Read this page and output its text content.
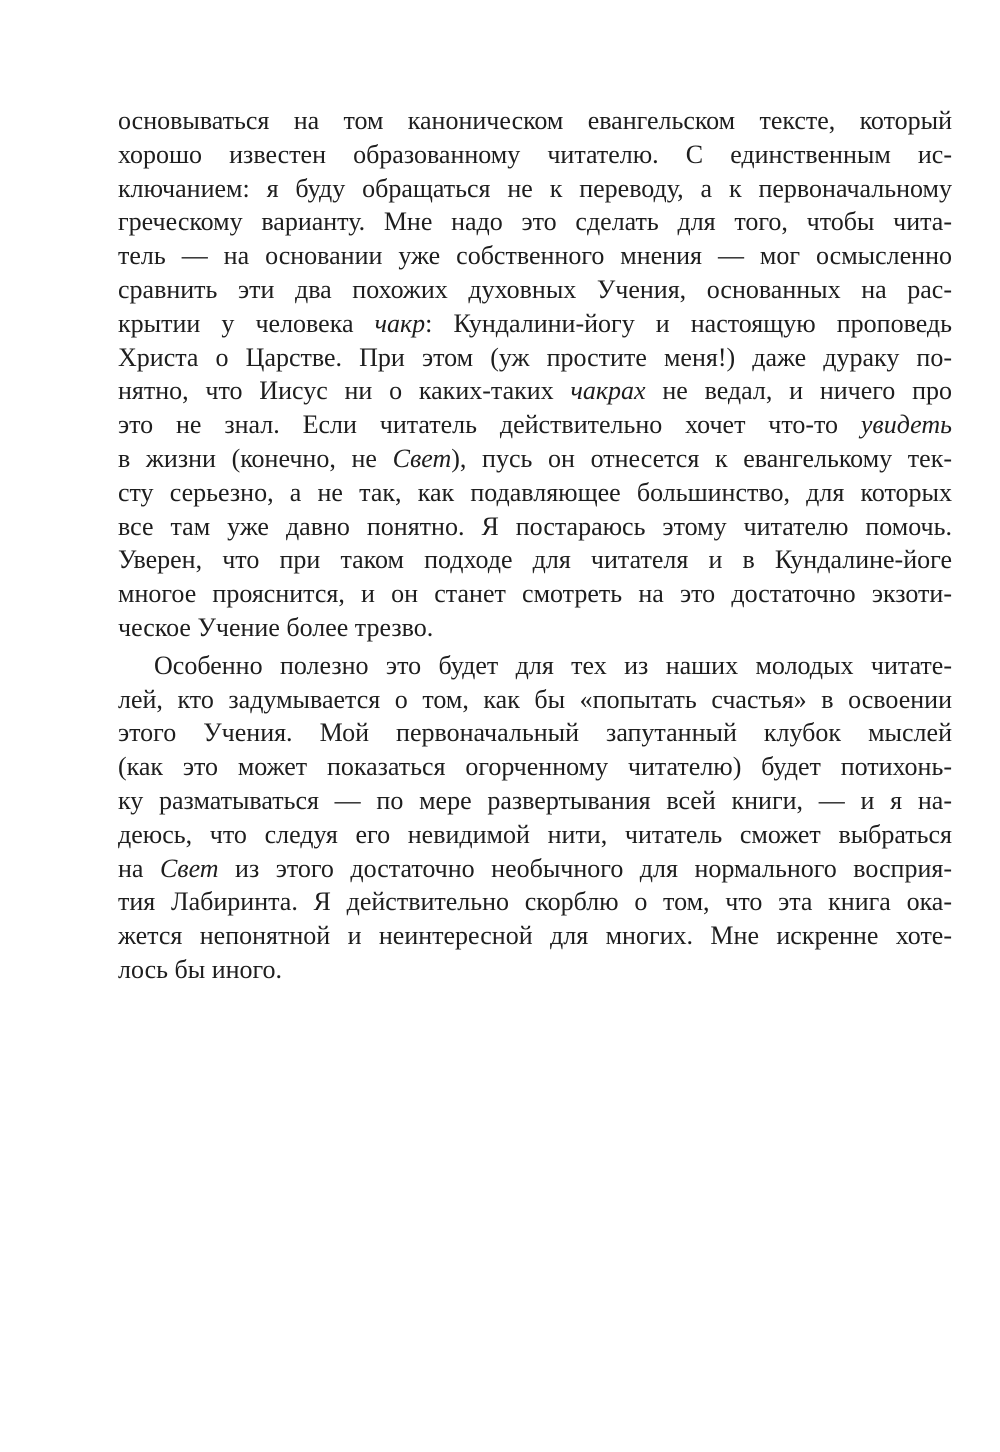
основываться на том каноническом евангельском тексте, который
хорошо известен образованному читателю. С единственным ис-
ключанием: я буду обращаться не к переводу, а к первоначальному
греческому варианту. Мне надо это сделать для того, чтобы чита-
тель — на основании уже собственного мнения — мог осмысленно
сравнить эти два похожих духовных Учения, основанных на рас-
крытии у человека чакр: Кундалини-йогу и настоящую проповедь
Христа о Царстве. При этом (уж простите меня!) даже дураку по-
нятно, что Иисус ни о каких-таких чакрах не ведал, и ничего про
это не знал. Если читатель действительно хочет что-то увидеть
в жизни (конечно, не Свет), пусь он отнесется к евангелькому тек-
сту серьезно, а не так, как подавляющее большинство, для которых
все там уже давно понятно. Я постараюсь этому читателю помочь.
Уверен, что при таком подходе для читателя и в Кундалине-йоге
многое прояснится, и он станет смотреть на это достаточно экзоти-
ческое Учение более трезво.
Особенно полезно это будет для тех из наших молодых читате-
лей, кто задумывается о том, как бы «попытать счастья» в освоении
этого Учения. Мой первоначальный запутанный клубок мыслей
(как это может показаться огорченному читателю) будет потихонь-
ку разматываться — по мере развертывания всей книги, — и я на-
деюсь, что следуя его невидимой нити, читатель сможет выбраться
на Свет из этого достаточно необычного для нормального восприя-
тия Лабиринта. Я действительно скорблю о том, что эта книга ока-
жется непонятной и неинтересной для многих. Мне искренне хоте-
лось бы иного.
